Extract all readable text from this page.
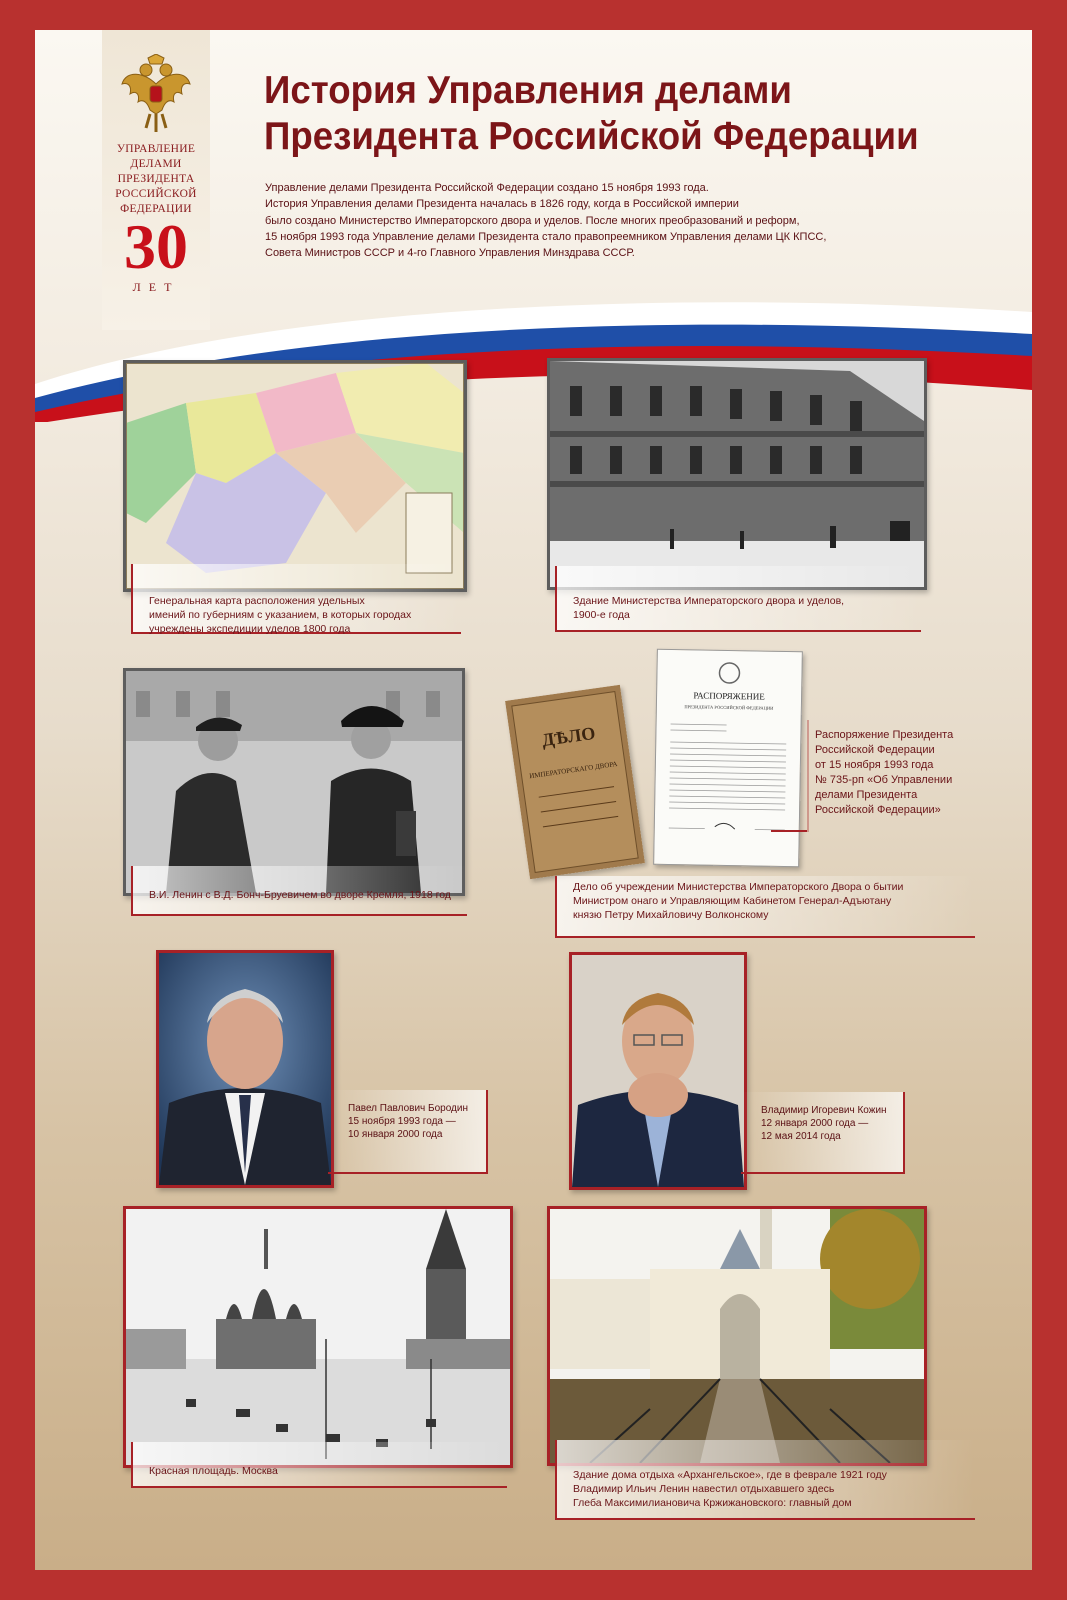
УПРАВЛЕНИЕ
ДЕЛАМИ
ПРЕЗИДЕНТА
РОССИЙСКОЙ
ФЕДЕРАЦИИ
30
ЛЕТ
История Управления делами
Президента Российской Федерации

Управление делами Президента Российской Федерации создано 15 ноября 1993 года.

История Управления делами Президента началась в 1826 году, когда в Российской империи

было создано Министерство Императорского двора и уделов. После многих преобразований и реформ,

15 ноября 1993 года Управление делами Президента стало правопреемником Управления делами ЦК КПСС,

Совета Министров СССР и 4-го Главного Управления Минздрава СССР.

Генеральная карта расположения удельных
имений по губерниям с указанием, в которых городах
учреждены экспедиции уделов 1800 года
Здание Министерства Императорского двора и уделов,
1900-е года
В.И. Ленин с В.Д. Бонч-Бруевичем во дворе Кремля, 1918 год
ДѢЛО
ИМПЕРАТОРСКАГО ДВОРА
РАСПОРЯЖЕНИЕ
ПРЕЗИДЕНТА РОССИЙСКОЙ ФЕДЕРАЦИИ
Распоряжение Президента
Российской Федерации
от 15 ноября 1993 года
№ 735-рп «Об Управлении
делами Президента
Российской Федерации»
Дело об учреждении Министерства Императорского Двора о бытии
Министром онаго и Управляющим Кабинетом Генерал-Адъютану
князю Петру Михайловичу Волконскому
Павел Павлович Бородин
15 ноября 1993 года —
10 января 2000 года
Владимир Игоревич Кожин
12 января 2000 года —
12 мая 2014 года
Красная площадь. Москва	Здание дома отдыха «Архангельское», где в феврале 1921 году
Владимир Ильич Ленин навестил отдыхавшего здесь
Глеба Максимилиановича Кржижановского: главный дом
